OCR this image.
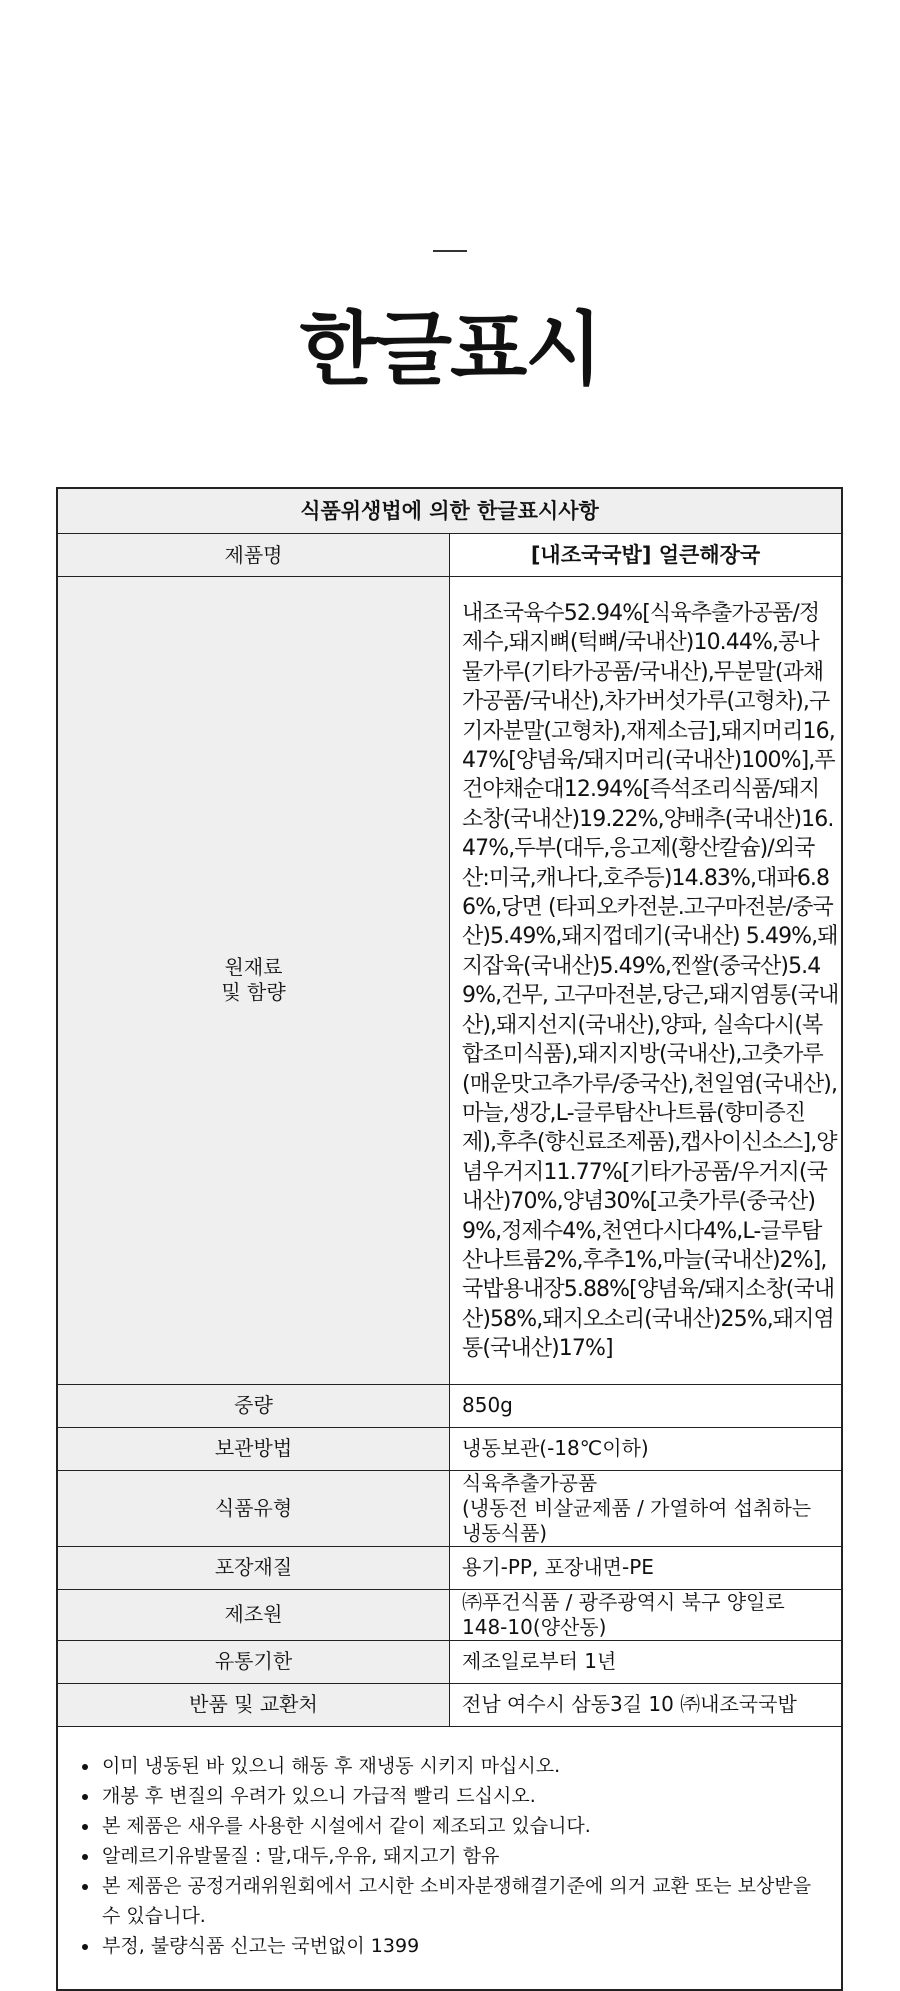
한글표시
식품위생법에 의한 한글표시사항	
제품명	[내조국국밥] 얼큰해장국

원재료
및 함량	내조국육수52.94%[식육추출가공품/정제수,돼지뼈(턱뼈/국내산)10.44%,콩나물가루(기타가공품/국내산),무분말(과채가공품/국내산),차가버섯가루(고형차),구기자분말(고형차),재제소금],돼지머리16,47%[양념육/돼지머리(국내산)100%],푸건야채순대12.94%[즉석조리식품/돼지소창(국내산)19.22%,양배추(국내산)16.47%,두부(대두,응고제(황산칼슘)/외국산:미국,캐나다,호주등)14.83%,대파6.86%,당면 (타피오카전분.고구마전분/중국산)5.49%,돼지껍데기(국내산) 5.49%,돼지잡육(국내산)5.49%,찐쌀(중국산)5.49%,건무, 고구마전분,당근,돼지염통(국내산),돼지선지(국내산),양파, 실속다시(복합조미식품),돼지지방(국내산),고춧가루(매운맛고추가루/중국산),천일염(국내산),마늘,생강,L-글루탐산나트륨(향미증진제),후추(향신료조제품),캡사이신소스],양념우거지11.77%[기타가공품/우거지(국내산)70%,양념30%[고춧가루(중국산)9%,정제수4%,천연다시다4%,L-글루탐산나트륨2%,후추1%,마늘(국내산)2%],국밥용내장5.88%[양념육/돼지소창(국내산)58%,돼지오소리(국내산)25%,돼지염통(국내산)17%]
중량	850g
보관방법	냉동보관(-18℃이하)
식품유형	식육추출가공품
(냉동전 비살균제품 / 가열하여 섭취하는 냉동식품)

포장재질	용기-PP, 포장내면-PE
제조원	㈜푸건식품 / 광주광역시 북구 양일로 148-10(양산동)
유통기한	제조일로부터 1년
반품 및 교환처	전남 여수시 삼동3길 10 ㈜내조국국밥
• 이미 냉동된 바 있으니 해동 후 재냉동 시키지 마십시오.
• 개봉 후 변질의 우려가 있으니 가급적 빨리 드십시오.
• 본 제품은 새우를 사용한 시설에서 같이 제조되고 있습니다.
• 알레르기유발물질 : 말,대두,우유, 돼지고기 함유
• 본 제품은 공정거래위원회에서 고시한 소비자분쟁해결기준에 의거 교환 또는 보상받을 수 있습니다.
• 부정, 불량식품 신고는 국번없이 1399
